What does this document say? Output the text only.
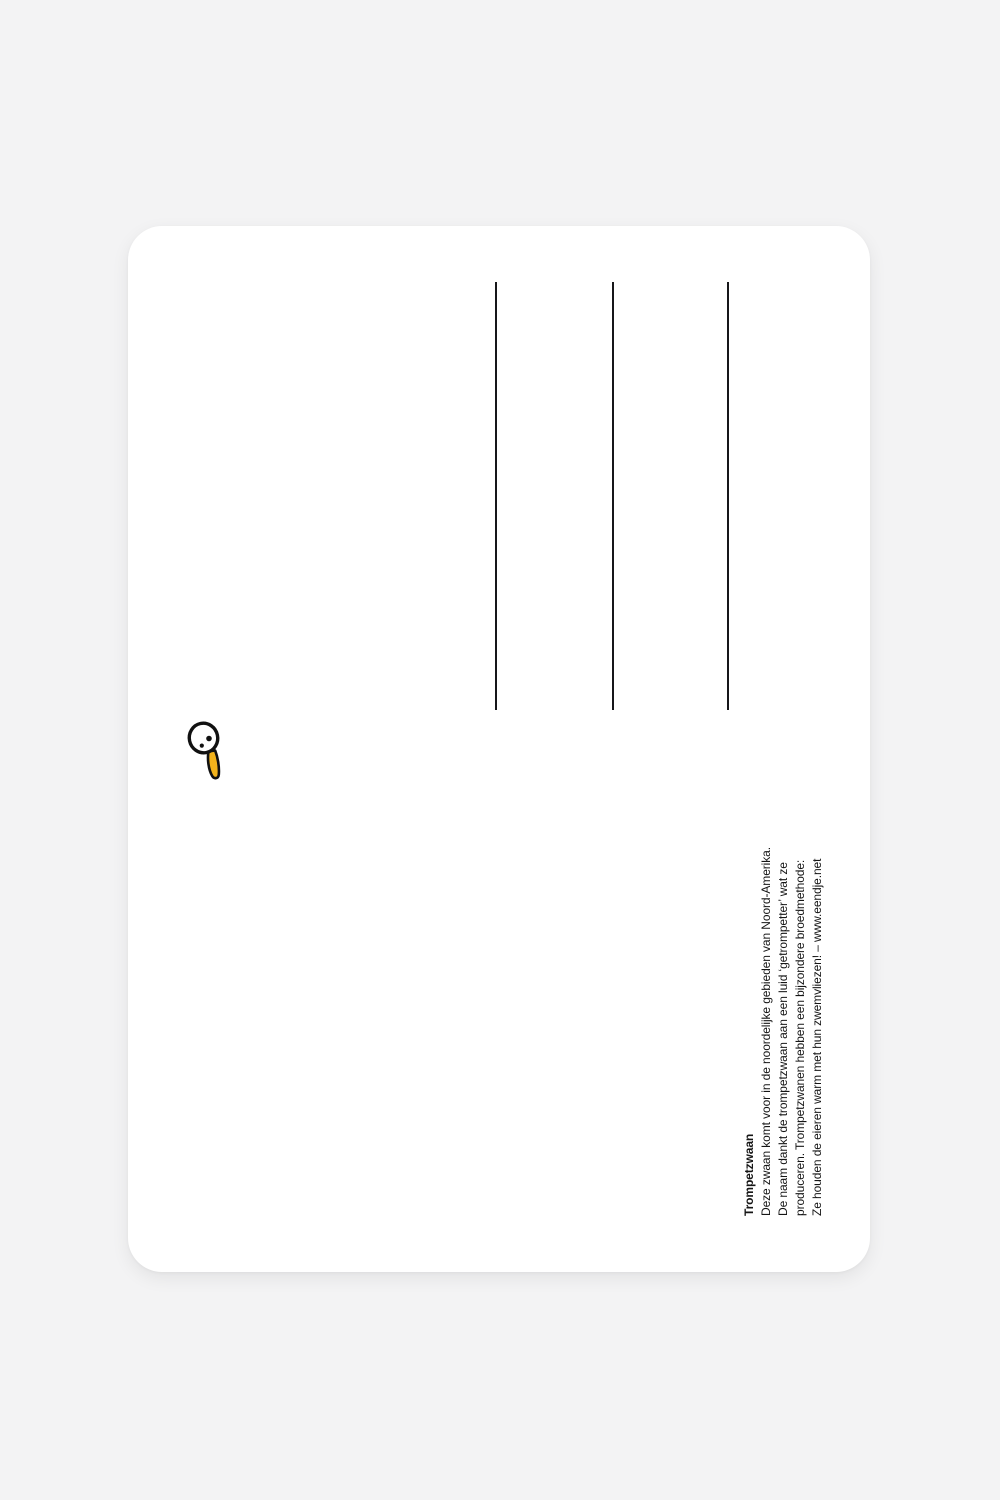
Trompetzwaan Deze zwaan komt voor in de noordelijke gebieden van Noord-Amerika. De naam dankt de trompetzwaan aan een luid ‘getrompetter’ wat ze produceren. Trompetzwanen hebben een bijzondere broedmethode: Ze houden de eieren warm met hun zwemvliezen! – www.eendje.net
